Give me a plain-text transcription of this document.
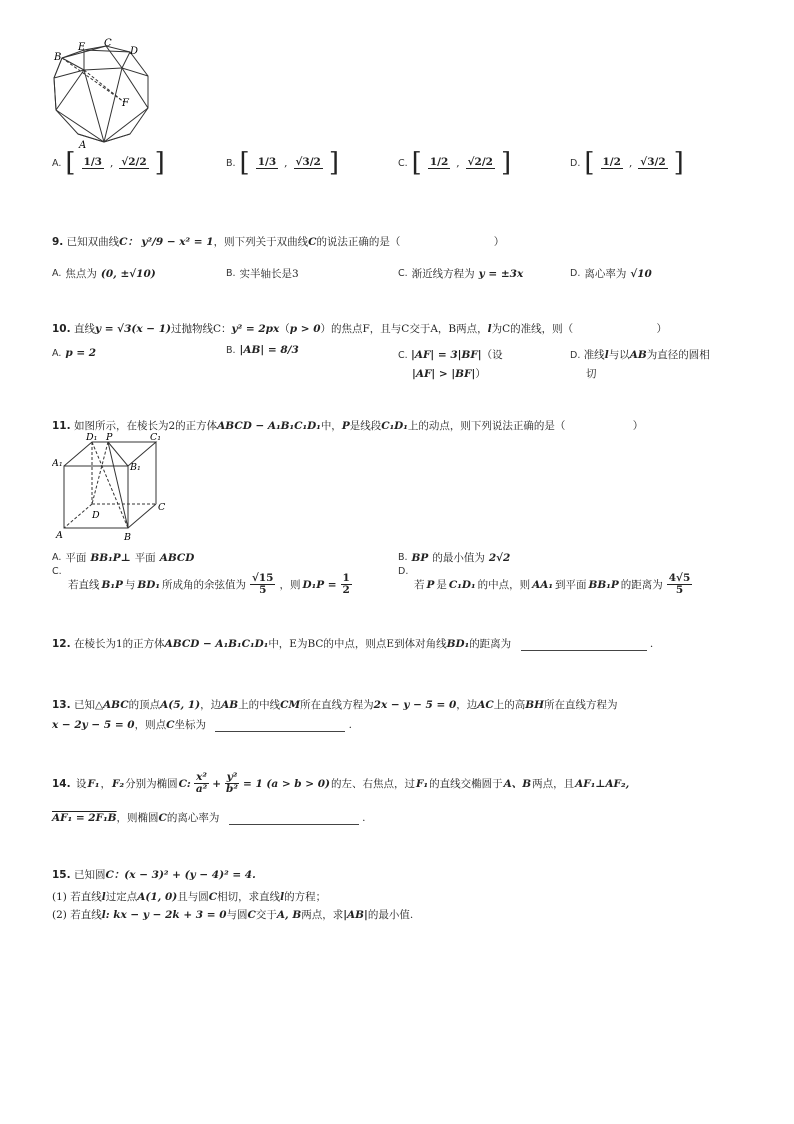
B
E C
D
F
A
A. [ 1/3 , √2/2 ]	B. [ 1/3 , √3/2 ]	C. [ 1/2 , √2/2 ]	D. [ 1/2 , √3/2 ]
9. 已知双曲线C： y²/9 − x² = 1，则下列关于双曲线C的说法正确的是（	）
A. 焦点为 (0, ±√10)	B. 实半轴长是3	C. 渐近线方程为 y = ±3x	D. 离心率为 √10
10. 直线y = √3(x − 1)过抛物线C：y² = 2px（p > 0）的焦点F，且与C交于A，B两点，l为C的准线，则（	）
A. p = 2	B. |AB| = 8/3	C. |AF| = 3|BF|（设
|AF| > |BF|）
D. 准线l与以AB为直径的圆相
切
11. 如图所示，在棱长为2的正方体ABCD − A₁B₁C₁D₁中，P是线段C₁D₁上的动点，则下列说法正确的是（	）
D₁ P	C₁
A₁	B₁
D
C
A	B
A. 平面 BB₁P⊥ 平面 ABCD	B. BP 的最小值为 2√2
C.
若直线 B₁P 与 BD₁ 所成角的余弦值为 $\frac{√15}{5}$ ，则 $D_1P = \frac{1}{2}$
D.
若 P 是 C₁D₁ 的中点，则 AA₁ 到平面 BB₁P 的距离为 $\frac{4√5}{5}$
12. 在棱长为1的正方体ABCD − A₁B₁C₁D₁中，E为BC的中点，则点E到体对角线BD₁的距离为	.
13. 已知△ABC的顶点A(5, 1)，边AB上的中线CM所在直线方程为2x − y − 5 = 0，边AC上的高BH所在直线方程为
x − 2y − 5 = 0，则点C坐标为	.
14.
设 F₁ ， F₂ 分别为椭圆 C: $\frac{\text{x²}}{\text{a²}} + \frac{\text{y²}}{\text{b²}} = 1$ (a > b > 0) 的左、右焦点，过 F₁ 的直线交椭圆于 A、B 两点，且 AF₁⊥AF₂,
AF₁ = 2F₁B，则椭圆C的离心率为	.
15. 已知圆C：(x − 3)² + (y − 4)² = 4.
(1) 若直线l过定点A(1, 0)且与圆C相切，求直线l的方程；
(2) 若直线l: kx − y − 2k + 3 = 0与圆C交于A, B两点，求|AB|的最小值.
